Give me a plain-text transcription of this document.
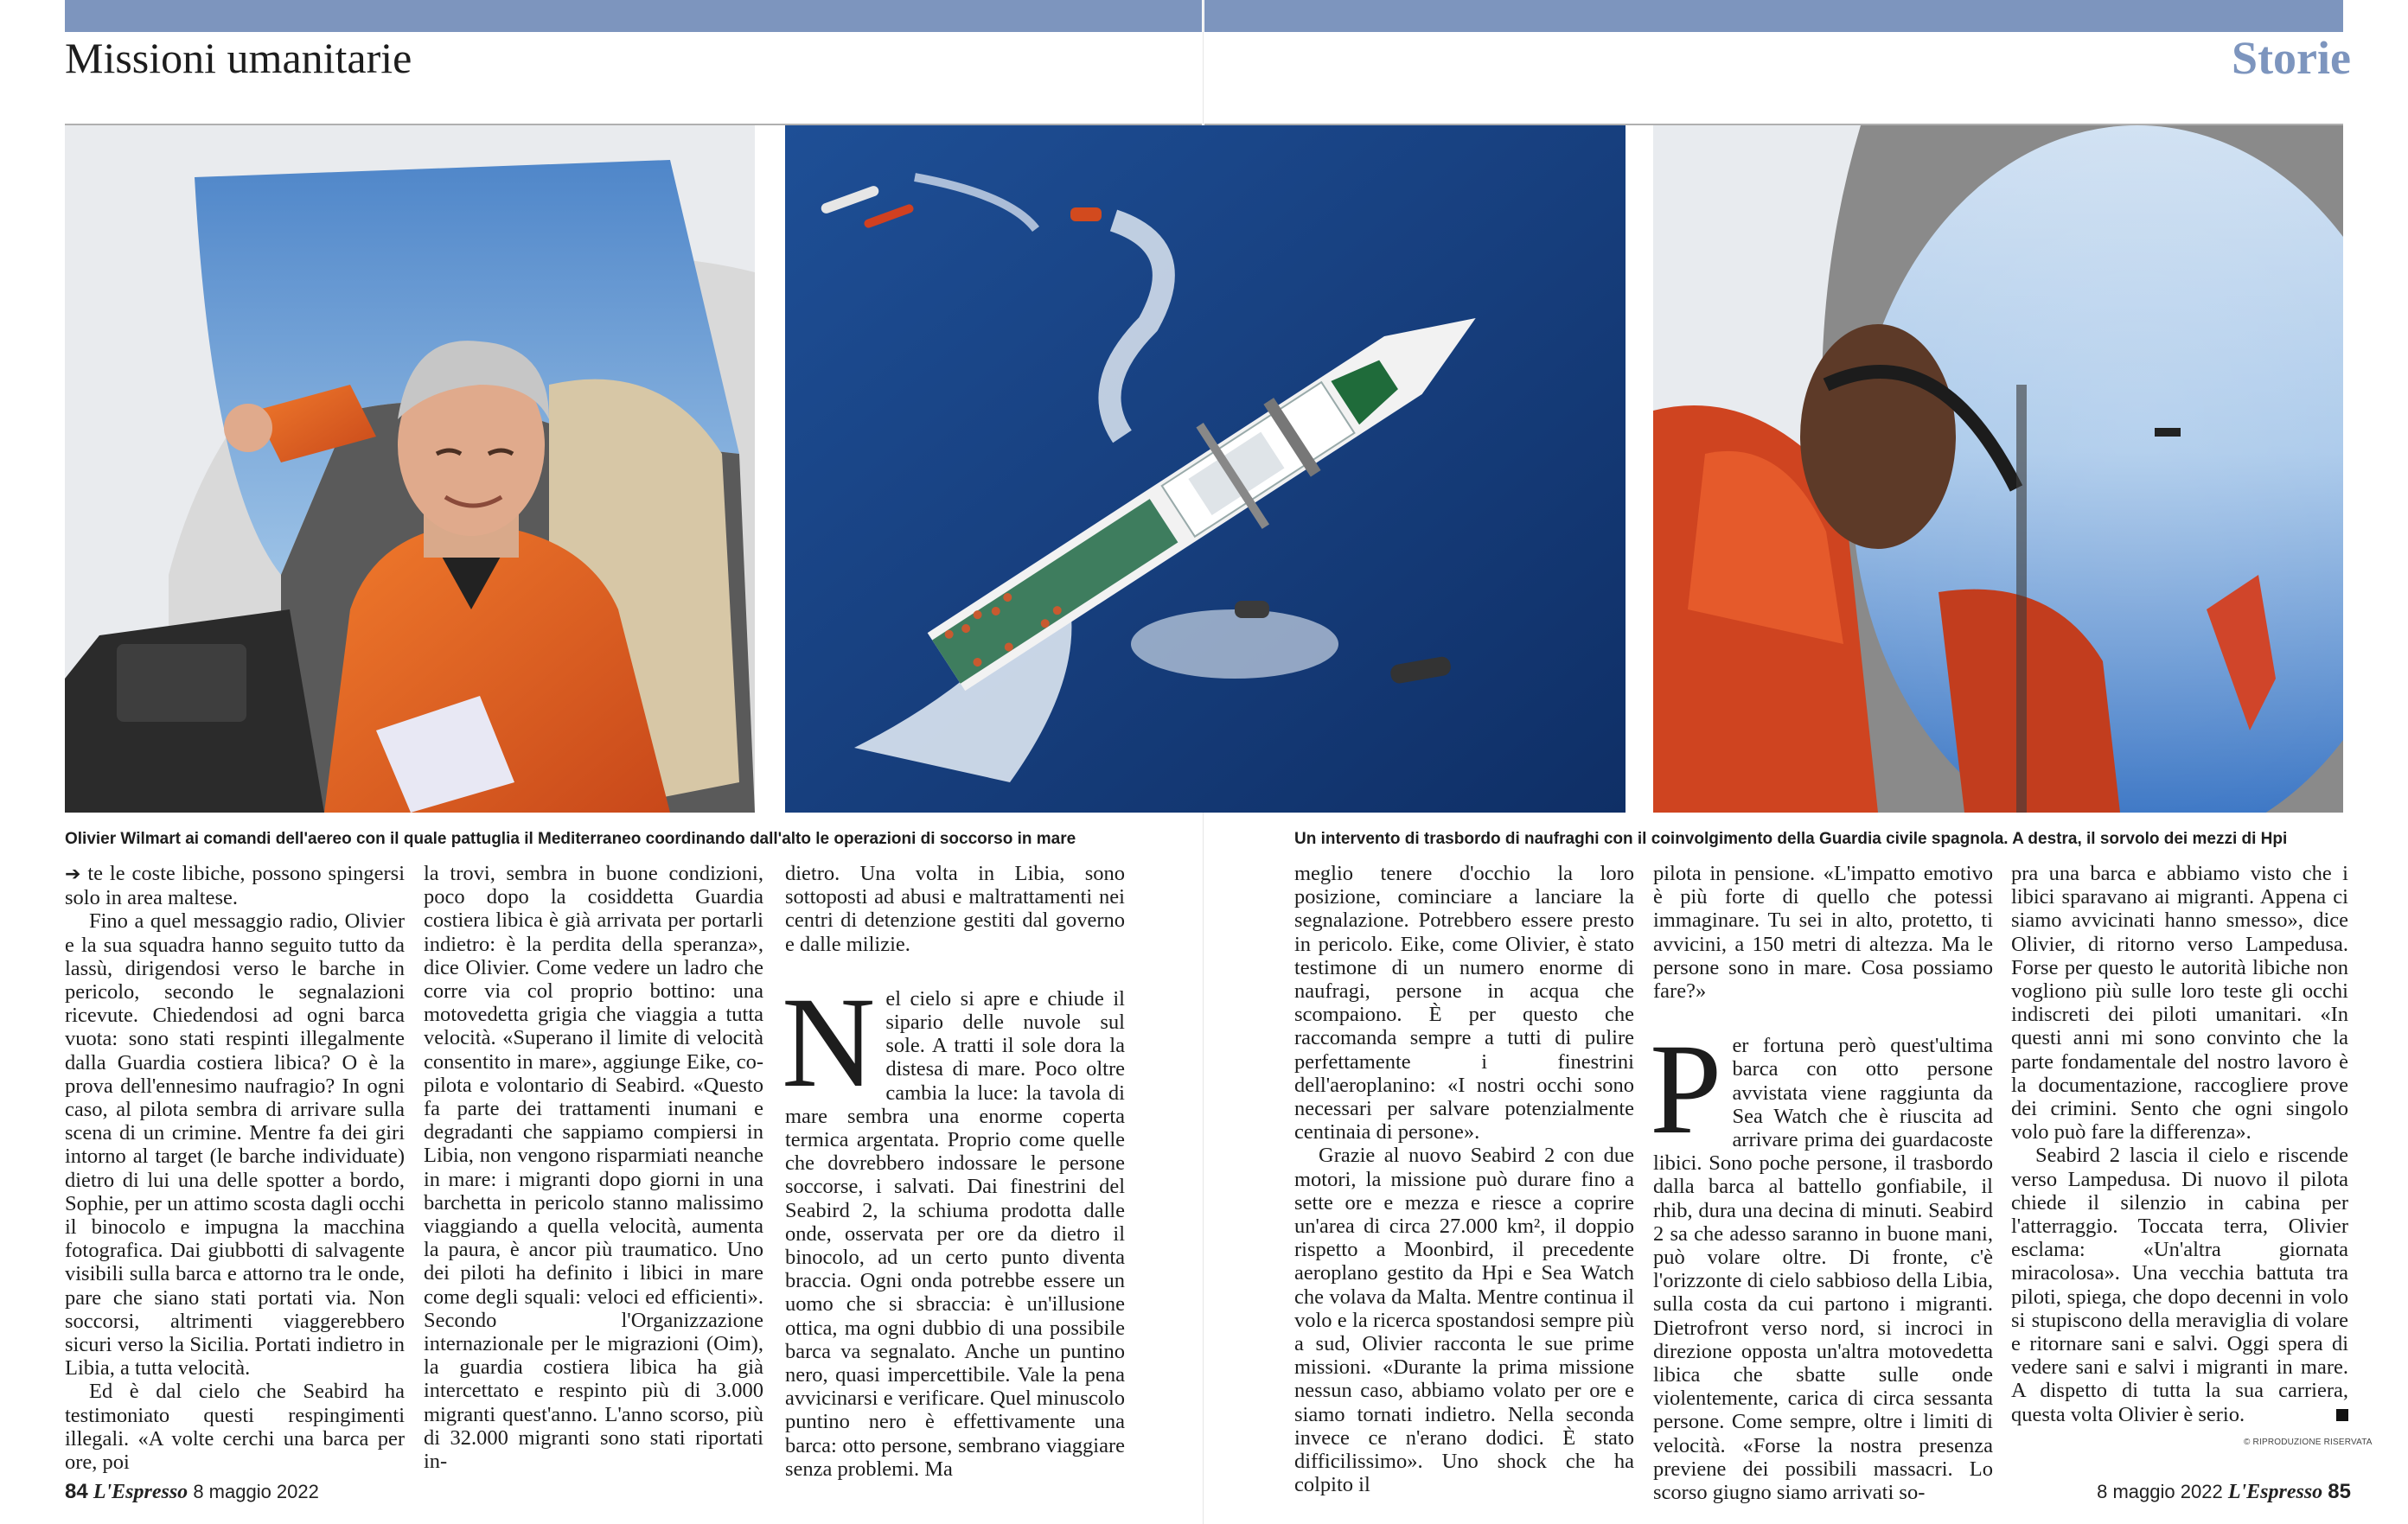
Missioni umanitarie	Storie
Olivier Wilmart ai comandi dell'aereo con il quale pattuglia il Mediterraneo coordinando dall'alto le operazioni di soccorso in mare	Un intervento di trasbordo di naufraghi con il coinvolgimento della Guardia civile spagnola. A destra, il sorvolo dei mezzi di Hpi

➔ te le coste libiche, possono spingersi solo in area maltese.

Fino a quel messaggio radio, Olivier e la sua squadra hanno seguito tutto da lassù, dirigendosi verso le barche in pericolo, secondo le segnalazioni ricevute. Chiedendosi ad ogni barca vuota: sono stati respinti illegalmente dalla Guardia costiera libica? O è la prova dell'ennesimo naufragio? In ogni caso, al pilota sembra di arrivare sulla scena di un crimine. Mentre fa dei giri intorno al target (le barche individuate) dietro di lui una delle spotter a bordo, Sophie, per un attimo scosta dagli occhi il binocolo e impugna la macchina fotografica. Dai giubbotti di salvagente visibili sulla barca e attorno tra le onde, pare che siano stati portati via. Non soccorsi, altrimenti viaggerebbero sicuri verso la Sicilia. Portati indietro in Libia, a tutta velocità.

Ed è dal cielo che Seabird ha testimoniato questi respingimenti illegali. «A volte cerchi una barca per ore, poi

la trovi, sembra in buone condizioni, poco dopo la cosiddetta Guardia costiera libica è già arrivata per portarli indietro: è la perdita della speranza», dice Olivier. Come vedere un ladro che corre via col proprio bottino: una motovedetta grigia che viaggia a tutta velocità. «Superano il limite di velocità consentito in mare», aggiunge Eike, co-pilota e volontario di Seabird. «Questo fa parte dei trattamenti inumani e degradanti che sappiamo compiersi in Libia, non vengono risparmiati neanche in mare: i migranti dopo giorni in una barchetta in pericolo stanno malissimo viaggiando a quella velocità, aumenta la paura, è ancor più traumatico. Uno dei piloti ha definito i libici in mare come degli squali: veloci ed efficienti». Secondo l'Organizzazione internazionale per le migrazioni (Oim), la guardia costiera libica ha già intercettato e respinto più di 3.000 migranti quest'anno. L'anno scorso, più di 32.000 migranti sono stati riportati in-

dietro. Una volta in Libia, sono sottoposti ad abusi e maltrattamenti nei centri di detenzione gestiti dal governo e dalle milizie.

Nel cielo si apre e chiude il sipario delle nuvole sul sole. A tratti il sole dora la distesa di mare. Poco oltre cambia la luce: la tavola di mare sembra una enorme coperta termica argentata. Proprio come quelle che dovrebbero indossare le persone soccorse, i salvati. Dai finestrini del Seabird 2, la schiuma prodotta dalle onde, osservata per ore da dietro il binocolo, ad un certo punto diventa braccia. Ogni onda potrebbe essere un uomo che si sbraccia: è un'illusione ottica, ma ogni dubbio di una possibile barca va segnalato. Anche un puntino nero, quasi impercettibile. Vale la pena avvicinarsi e verificare. Quel minuscolo puntino nero è effettivamente una barca: otto persone, sembrano viaggiare senza problemi. Ma

meglio tenere d'occhio la loro posizione, cominciare a lanciare la segnalazione. Potrebbero essere presto in pericolo. Eike, come Olivier, è stato testimone di un numero enorme di naufragi, persone in acqua che scompaiono. È per questo che raccomanda sempre a tutti di pulire perfettamente i finestrini dell'aeroplanino: «I nostri occhi sono necessari per salvare potenzialmente centinaia di persone».

Grazie al nuovo Seabird 2 con due motori, la missione può durare fino a sette ore e mezza e riesce a coprire un'area di circa 27.000 km², il doppio rispetto a Moonbird, il precedente aeroplano gestito da Hpi e Sea Watch che volava da Malta. Mentre continua il volo e la ricerca spostandosi sempre più a sud, Olivier racconta le sue prime missioni. «Durante la prima missione nessun caso, abbiamo volato per ore e siamo tornati indietro. Nella seconda invece ce n'erano dodici. È stato difficilissimo». Uno shock che ha colpito il

pilota in pensione. «L'impatto emotivo è più forte di quello che potessi immaginare. Tu sei in alto, protetto, ti avvicini, a 150 metri di altezza. Ma le persone sono in mare. Cosa possiamo fare?»

Per fortuna però quest'ultima barca con otto persone avvistata viene raggiunta da Sea Watch che è riuscita ad arrivare prima dei guardacoste libici. Sono poche persone, il trasbordo dalla barca al battello gonfiabile, il rhib, dura una decina di minuti. Seabird 2 sa che adesso saranno in buone mani, può volare oltre. Di fronte, c'è l'orizzonte di cielo sabbioso della Libia, sulla costa da cui partono i migranti. Dietrofront verso nord, si incroci in direzione opposta un'altra motovedetta libica che sbatte sulle onde violentemente, carica di circa sessanta persone. Come sempre, oltre i limiti di velocità. «Forse la nostra presenza previene dei possibili massacri. Lo scorso giugno siamo arrivati so-

pra una barca e abbiamo visto che i libici sparavano ai migranti. Appena ci siamo avvicinati hanno smesso», dice Olivier, di ritorno verso Lampedusa. Forse per questo le autorità libiche non vogliono più sulle loro teste gli occhi indiscreti dei piloti umanitari. «In questi anni mi sono convinto che la parte fondamentale del nostro lavoro è la documentazione, raccogliere prove dei crimini. Sento che ogni singolo volo può fare la differenza».

Seabird 2 lascia il cielo e riscende verso Lampedusa. Di nuovo il pilota chiede il silenzio in cabina per l'atterraggio. Toccata terra, Olivier esclama: «Un'altra giornata miracolosa». Una vecchia battuta tra piloti, spiega, che dopo decenni in volo si stupiscono della meraviglia di volare e ritornare sani e salvi. Oggi spera di vedere sani e salvi i migranti in mare. A dispetto di tutta la sua carriera, questa volta Olivier è serio.

© RIPRODUZIONE RISERVATA
84 L'Espresso 8 maggio 2022	8 maggio 2022 L'Espresso 85
